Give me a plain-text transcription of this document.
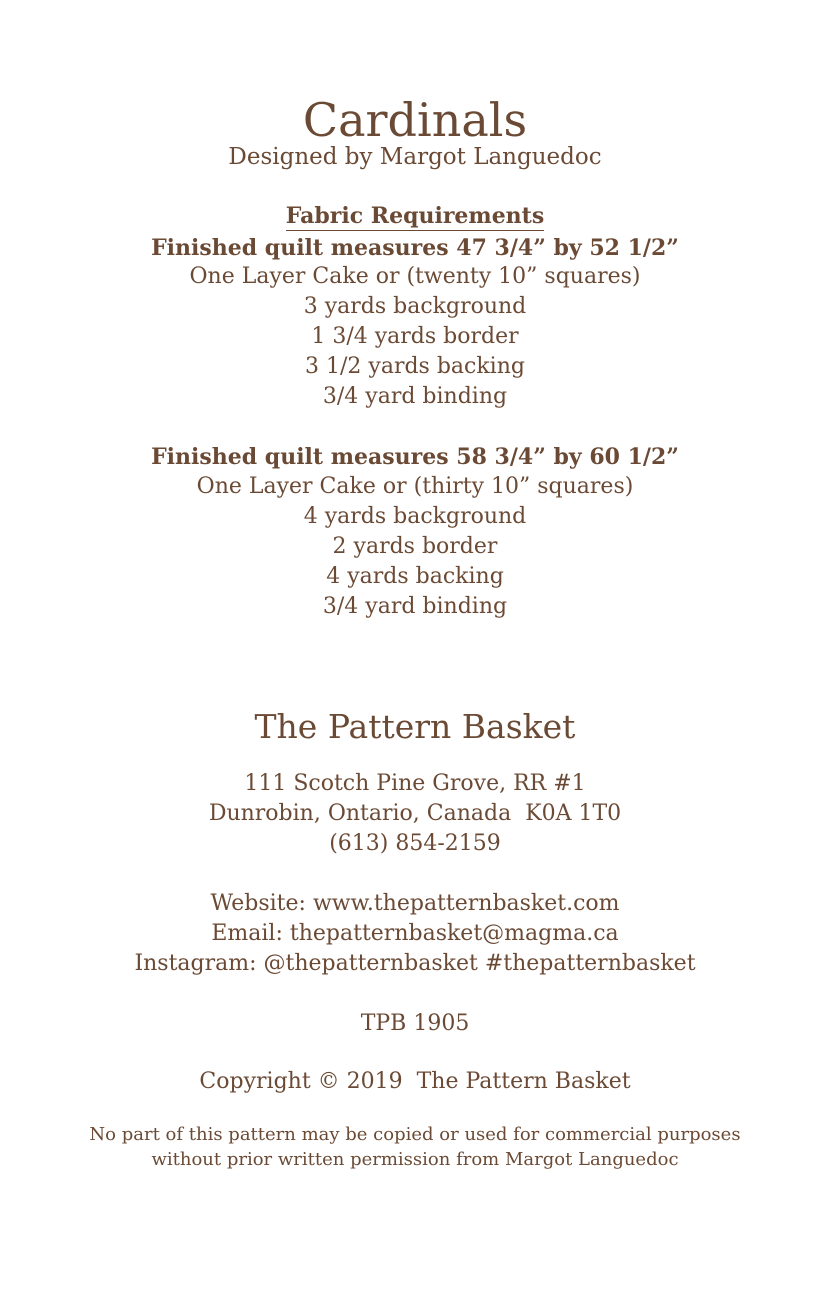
Cardinals
Designed by Margot Languedoc
Fabric Requirements
Finished quilt measures 47 3/4” by 52 1/2”
One Layer Cake or (twenty 10” squares)
3 yards background
1 3/4 yards border
3 1/2 yards backing
3/4 yard binding
Finished quilt measures 58 3/4” by 60 1/2”
One Layer Cake or (thirty 10” squares)
4 yards background
2 yards border
4 yards backing
3/4 yard binding
The Pattern Basket
111 Scotch Pine Grove, RR #1
Dunrobin, Ontario, Canada  K0A 1T0
(613) 854-2159
Website: www.thepatternbasket.com
Email: thepatternbasket@magma.ca
Instagram: @thepatternbasket #thepatternbasket
TPB 1905
Copyright © 2019  The Pattern Basket
No part of this pattern may be copied or used for commercial purposes
without prior written permission from Margot Languedoc
